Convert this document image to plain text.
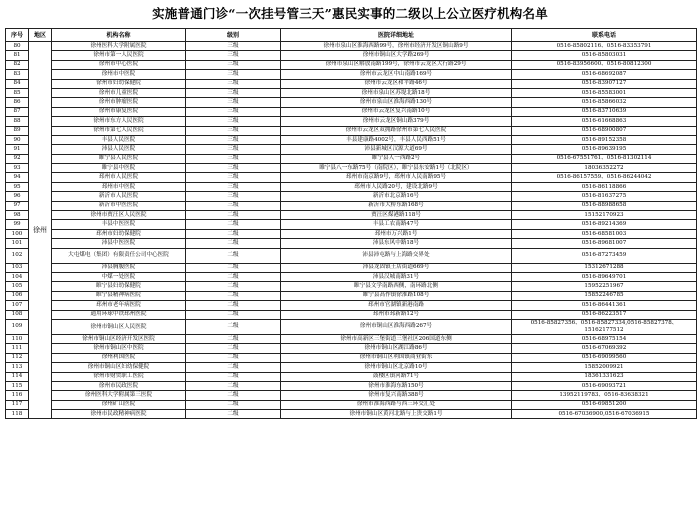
实施普通门诊“一次挂号管三天”惠民实事的二级以上公立医疗机构名单
序号	地区	机构名称	级别	医院详细地址	联系电话
80	徐州	徐州医科大学附属医院	三级	徐州市泉山区淮海西路99号，徐州市经济开发区铜山路9号	0516-85802116、0516-83353791
81		徐州市第一人民医院	三级	徐州市铜山区大学路269号	0516-85803031
82		徐州市中心医院	三级	徐州市泉山区解放南路199号，徐州市云龙区大行路29号	0516-83956600、0516-80812300
83		徐州市中医院	三级	徐州市云龙区中山南路169号	0516-68692087
84		徐州市妇幼保健院	三级	徐州市云龙区和平路46号	0516-83907127
85		徐州市儿童医院	三级	徐州市泉山区苏堤北路18号	0516-85583001
86		徐州市肿瘤医院	三级	徐州市泉山区淮海西路130号	0516-85866032
87		徐州市康复医院	三级	徐州市云龙区复兴南路10号	0516-83710639
88		徐州市东方人民医院	三级	徐州市云龙区铜山路379号	0516-61668863
89		徐州市第七人民医院	三级	徐州市云龙区双拥路徐州市第七人民医院	0516-68900807
90		丰县人民医院	三级	丰县建康路4002号，丰县人民西路51号	0516-89152358
91		沛县人民医院	三级	沛县新城区汉源大道69号	0516-89639195
92		睢宁县人民医院	三级	睢宁县人一西路2号	0516-67551761、0516-81302114
93		睢宁县中医院	三级	睢宁县八一东路75号（南院区），睢宁县东安路1号（北院区）	18036352272
94		邳州市人民医院	三级	邳州市南京路9号，邳州市人民南路95号	0516-86157559、0516-86244042
95		邳州市中医院	三级	邳州市人民路20号，建设北路9号	0516-86118866
96		新沂市人民医院	三级	新沂市北京路16号	0516-81637275
97		新沂市中医医院	三级	新沂市大桥东路168号	0516-88988658
98		徐州市贾汪区人民医院	二级	贾汪区煤港路118号	15152170923
99		丰县中医医院	二级	丰县工农南路47号	0516-89214369
100		邳州市妇幼保健院	二级	邳州市万兴路1号	0516-68581003
101		沛县中医医院	二级	沛县东风中路18号	0516-89681007
102		大屯煤电（集团）有限责任公司中心医院	二级	沛县沛屯路与上海路交界处	0516-87273459
103		沛县胸腹医院	二级	沛县龙固镇王店街道669号	15312671288
104		中煤一处医院	二级	沛县汉城南路31号	0516-89649701
105		睢宁县妇幼保健院	二级	睢宁县文学南路西侧，南环路北侧	15952251967
106		睢宁县精神病医院	二级	睢宁县高作镇徐淮路108号	15852246785
107		邳州市老年病医院	二级	邳州市官湖镇新港南路	0516-86441361
108		通用环球中铁邳州医院	二级	邳州市邳新路12号	0516-86223517
109		徐州市铜山区人民医院	二级	徐州市铜山区淮海西路267号	0516-85827356、0516-85827334,0516-85827378、15162177512
110		徐州市铜山区经济开发区医院	二级	徐州市高新区三堡街道三堡社区206国道东侧	0516-68975154
111		徐州市铜山区中医院	二级	徐州市铜山区湖江路86号	0516-67069392
112		徐州利国医院	二级	徐州市铜山区利国镇商业街东	0516-69099560
113		徐州市铜山区妇幼保健院	二级	徐州市铜山区北京路10号	15852009921
114		徐州市财贸职工医院	二级	鼓楼区镇河路71号	18361331623
115		徐州市民政医院	二级	徐州市淮海东路150号	0516-69093721
116		徐州医科大学附属第三医院	二级	徐州市复兴南路388号	13952119783、0516-83638321
117		徐州矿山医院	二级	徐州市淮海西路与西三环交汇处	0516-69851200
118		徐州市民政精神病医院	二级	徐州市铜山区黄河北路与上贵交路1号	0516-67036900,0516-67036915
